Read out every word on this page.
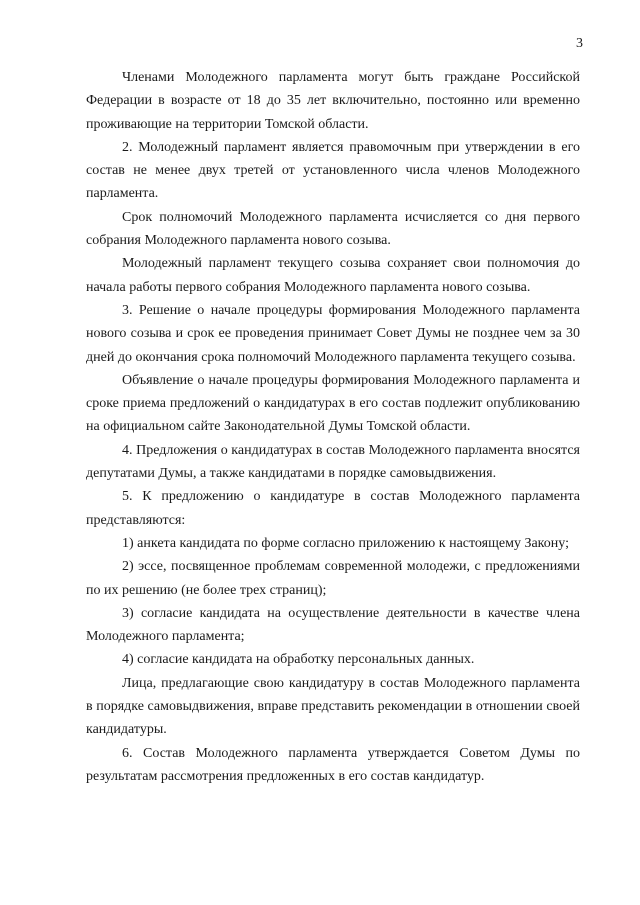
3

Членами Молодежного парламента могут быть граждане Российской Федерации в возрасте от 18 до 35 лет включительно, постоянно или временно проживающие на территории Томской области.

2. Молодежный парламент является правомочным при утверждении в его состав не менее двух третей от установленного числа членов Молодежного парламента.

Срок полномочий Молодежного парламента исчисляется со дня первого собрания Молодежного парламента нового созыва.

Молодежный парламент текущего созыва сохраняет свои полномочия до начала работы первого собрания Молодежного парламента нового созыва.

3. Решение о начале процедуры формирования Молодежного парламента нового созыва и срок ее проведения принимает Совет Думы не позднее чем за 30 дней до окончания срока полномочий Молодежного парламента текущего созыва.

Объявление о начале процедуры формирования Молодежного парламента и сроке приема предложений о кандидатурах в его состав подлежит опубликованию на официальном сайте Законодательной Думы Томской области.

4. Предложения о кандидатурах в состав Молодежного парламента вносятся депутатами Думы, а также кандидатами в порядке самовыдвижения.

5. К предложению о кандидатуре в состав Молодежного парламента представляются:

1) анкета кандидата по форме согласно приложению к настоящему Закону;

2) эссе, посвященное проблемам современной молодежи, с предложениями по их решению (не более трех страниц);

3) согласие кандидата на осуществление деятельности в качестве члена Молодежного парламента;

4) согласие кандидата на обработку персональных данных.

Лица, предлагающие свою кандидатуру в состав Молодежного парламента в порядке самовыдвижения, вправе представить рекомендации в отношении своей кандидатуры.

6. Состав Молодежного парламента утверждается Советом Думы по результатам рассмотрения предложенных в его состав кандидатур.
